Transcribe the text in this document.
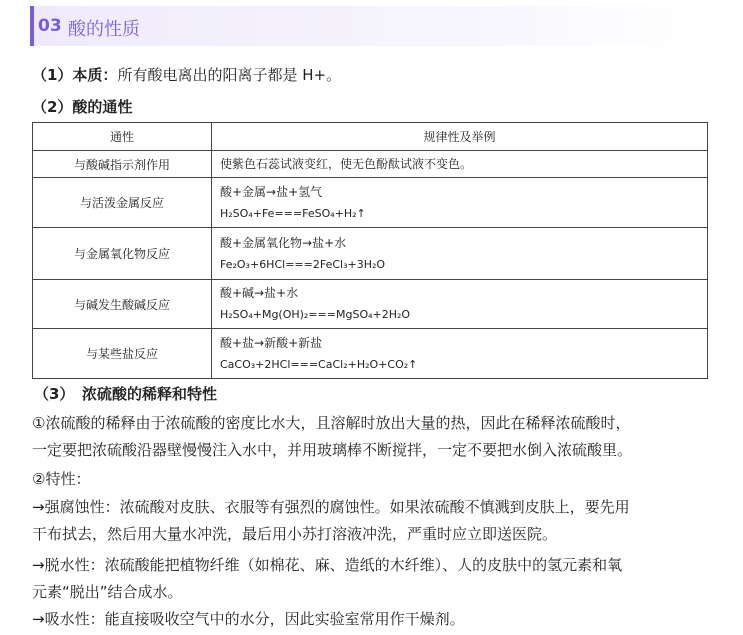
03 酸的性质
（1）本质：所有酸电离出的阳离子都是 H+。
（2）酸的通性
通性	规律性及举例
与酸碱指示剂作用	使紫色石蕊试液变红，使无色酚酞试液不变色。

与活泼金属反应	酸+金属→盐+氢气
H₂SO₄+Fe===FeSO₄+H₂↑

与金属氧化物反应	酸+金属氧化物→盐+水
Fe₂O₃+6HCl===2FeCl₃+3H₂O

与碱发生酸碱反应	酸+碱→盐+水
H₂SO₄+Mg(OH)₂===MgSO₄+2H₂O

与某些盐反应	酸+盐→新酸+新盐
CaCO₃+2HCl===CaCl₂+H₂O+CO₂↑
（3）　浓硫酸的稀释和特性
①浓硫酸的稀释由于浓硫酸的密度比水大，且溶解时放出大量的热，因此在稀释浓硫酸时，
一定要把浓硫酸沿器壁慢慢注入水中，并用玻璃棒不断搅拌，一定不要把水倒入浓硫酸里。
②特性：
→强腐蚀性：浓硫酸对皮肤、衣服等有强烈的腐蚀性。如果浓硫酸不慎溅到皮肤上，要先用
干布拭去，然后用大量水冲洗，最后用小苏打溶液冲洗，严重时应立即送医院。
→脱水性：浓硫酸能把植物纤维（如棉花、麻、造纸的木纤维）、人的皮肤中的氢元素和氧
元素“脱出”结合成水。
→吸水性：能直接吸收空气中的水分，因此实验室常用作干燥剂。
